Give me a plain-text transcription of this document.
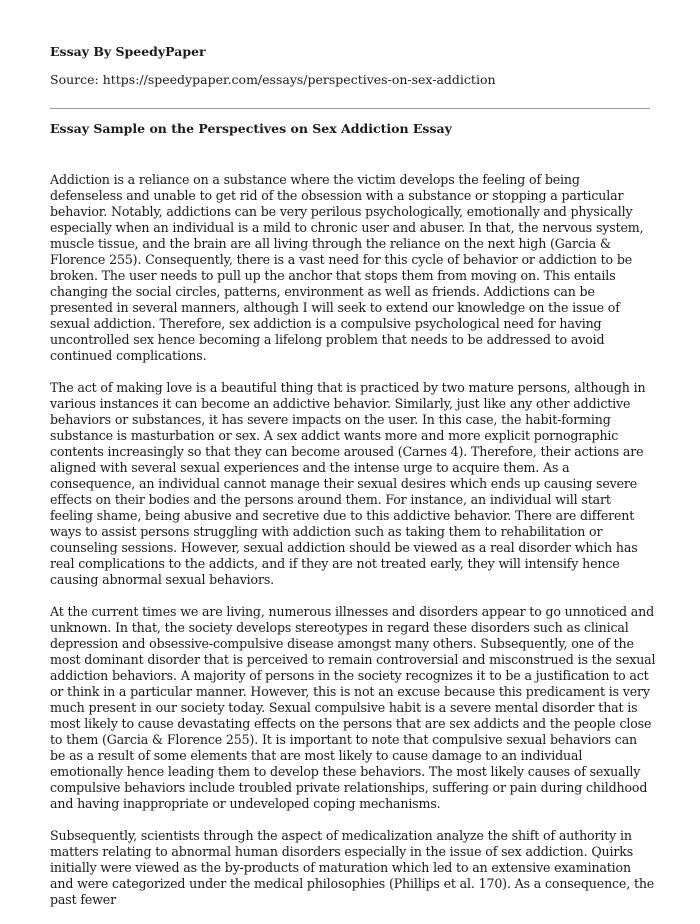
Essay By SpeedyPaper

Source: https://speedypaper.com/essays/perspectives-on-sex-addiction

Essay Sample on the Perspectives on Sex Addiction Essay

Addiction is a reliance on a substance where the victim develops the feeling of being defenseless and unable to get rid of the obsession with a substance or stopping a particular behavior. Notably, addictions can be very perilous psychologically, emotionally and physically especially when an individual is a mild to chronic user and abuser. In that, the nervous system, muscle tissue, and the brain are all living through the reliance on the next high (Garcia & Florence 255). Consequently, there is a vast need for this cycle of behavior or addiction to be broken. The user needs to pull up the anchor that stops them from moving on. This entails changing the social circles, patterns, environment as well as friends. Addictions can be presented in several manners, although I will seek to extend our knowledge on the issue of sexual addiction. Therefore, sex addiction is a compulsive psychological need for having uncontrolled sex hence becoming a lifelong problem that needs to be addressed to avoid continued complications.

The act of making love is a beautiful thing that is practiced by two mature persons, although in various instances it can become an addictive behavior. Similarly, just like any other addictive behaviors or substances, it has severe impacts on the user. In this case, the habit-forming substance is masturbation or sex. A sex addict wants more and more explicit pornographic contents increasingly so that they can become aroused (Carnes 4). Therefore, their actions are aligned with several sexual experiences and the intense urge to acquire them. As a consequence, an individual cannot manage their sexual desires which ends up causing severe effects on their bodies and the persons around them. For instance, an individual will start feeling shame, being abusive and secretive due to this addictive behavior. There are different ways to assist persons struggling with addiction such as taking them to rehabilitation or counseling sessions. However, sexual addiction should be viewed as a real disorder which has real complications to the addicts, and if they are not treated early, they will intensify hence causing abnormal sexual behaviors.

At the current times we are living, numerous illnesses and disorders appear to go unnoticed and unknown. In that, the society develops stereotypes in regard these disorders such as clinical depression and obsessive-compulsive disease amongst many others. Subsequently, one of the most dominant disorder that is perceived to remain controversial and misconstrued is the sexual addiction behaviors. A majority of persons in the society recognizes it to be a justification to act or think in a particular manner. However, this is not an excuse because this predicament is very much present in our society today. Sexual compulsive habit is a severe mental disorder that is most likely to cause devastating effects on the persons that are sex addicts and the people close to them (Garcia & Florence 255). It is important to note that compulsive sexual behaviors can be as a result of some elements that are most likely to cause damage to an individual emotionally hence leading them to develop these behaviors. The most likely causes of sexually compulsive behaviors include troubled private relationships, suffering or pain during childhood and having inappropriate or undeveloped coping mechanisms.

Subsequently, scientists through the aspect of medicalization analyze the shift of authority in matters relating to abnormal human disorders especially in the issue of sex addiction. Quirks initially were viewed as the by-products of maturation which led to an extensive examination and were categorized under the medical philosophies (Phillips et al. 170). As a consequence, the past fewer
